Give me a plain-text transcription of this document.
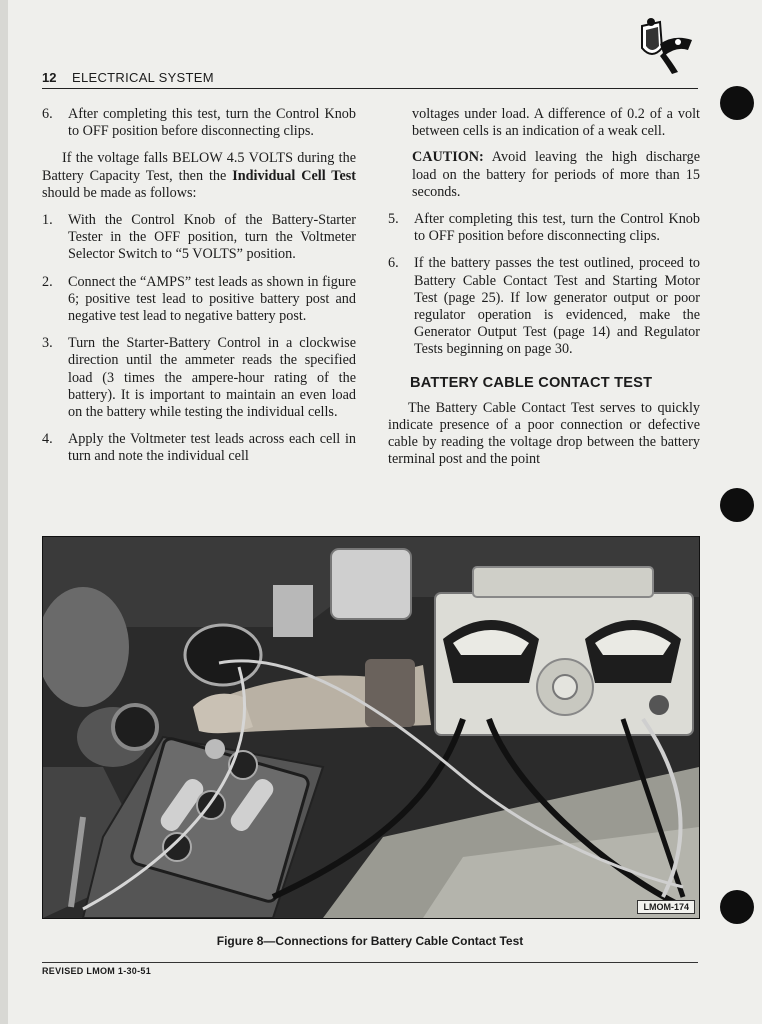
12 ELECTRICAL SYSTEM
6. After completing this test, turn the Control Knob to OFF position before disconnecting clips.

If the voltage falls BELOW 4.5 VOLTS during the Battery Capacity Test, then the Individual Cell Test should be made as follows:

1. With the Control Knob of the Battery-Starter Tester in the OFF position, turn the Voltmeter Selector Switch to “5 VOLTS” position.
2. Connect the “AMPS” test leads as shown in figure 6; positive test lead to positive battery post and negative test lead to negative battery post.
3. Turn the Starter-Battery Control in a clockwise direction until the ammeter reads the specified load (3 times the ampere-hour rating of the battery). It is important to maintain an even load on the battery while testing the individual cells.
4. Apply the Voltmeter test leads across each cell in turn and note the individual cell
voltages under load. A difference of 0.2 of a volt between cells is an indication of a weak cell.
CAUTION: Avoid leaving the high discharge load on the battery for periods of more than 15 seconds.
5. After completing this test, turn the Control Knob to OFF position before disconnecting clips.
6. If the battery passes the test outlined, proceed to Battery Cable Contact Test and Starting Motor Test (page 25). If low generator output or poor regulator operation is evidenced, make the Generator Output Test (page 14) and Regulator Tests beginning on page 30.
BATTERY CABLE CONTACT TEST

The Battery Cable Contact Test serves to quickly indicate presence of a poor connection or defective cable by reading the voltage drop between the battery terminal post and the point

LMOM-174
Figure 8—Connections for Battery Cable Contact Test
REVISED LMOM 1-30-51
